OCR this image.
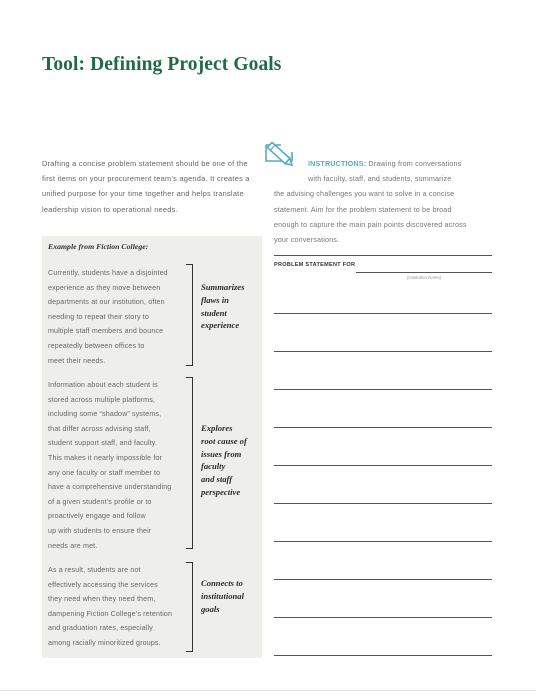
Tool: Defining Project Goals
Drafting a concise problem statement should be one of the
first items on your procurement team’s agenda. It creates a
unified purpose for your time together and helps translate
leadership vision to operational needs.
Example from Fiction College:
Currently, students have a disjointed
experience as they move between
departments at our institution, often
needing to repeat their story to
multiple staff members and bounce
repeatedly between offices to
meet their needs.
Summarizes
flaws in
student
experience
Information about each student is
stored across multiple platforms,
including some “shadow” systems,
that differ across advising staff,
student support staff, and faculty.
This makes it nearly impossible for
any one faculty or staff member to
have a comprehensive understanding
of a given student’s profile or to
proactively engage and follow
up with students to ensure their
needs are met.
Explores
root cause of
issues from
faculty
and staff
perspective
As a result, students are not
effectively accessing the services
they need when they need them,
dampening Fiction College’s retention
and graduation rates, especially
among racially minoritized groups.
Connects to
institutional
goals
INSTRUCTIONS: Drawing from conversations
with faculty, staff, and students, summarize
the advising challenges you want to solve in a concise
statement. Aim for the problem statement to be broad
enough to capture the main pain points discovered across
your conversations.
PROBLEM STATEMENT FOR
(Institution Name)
